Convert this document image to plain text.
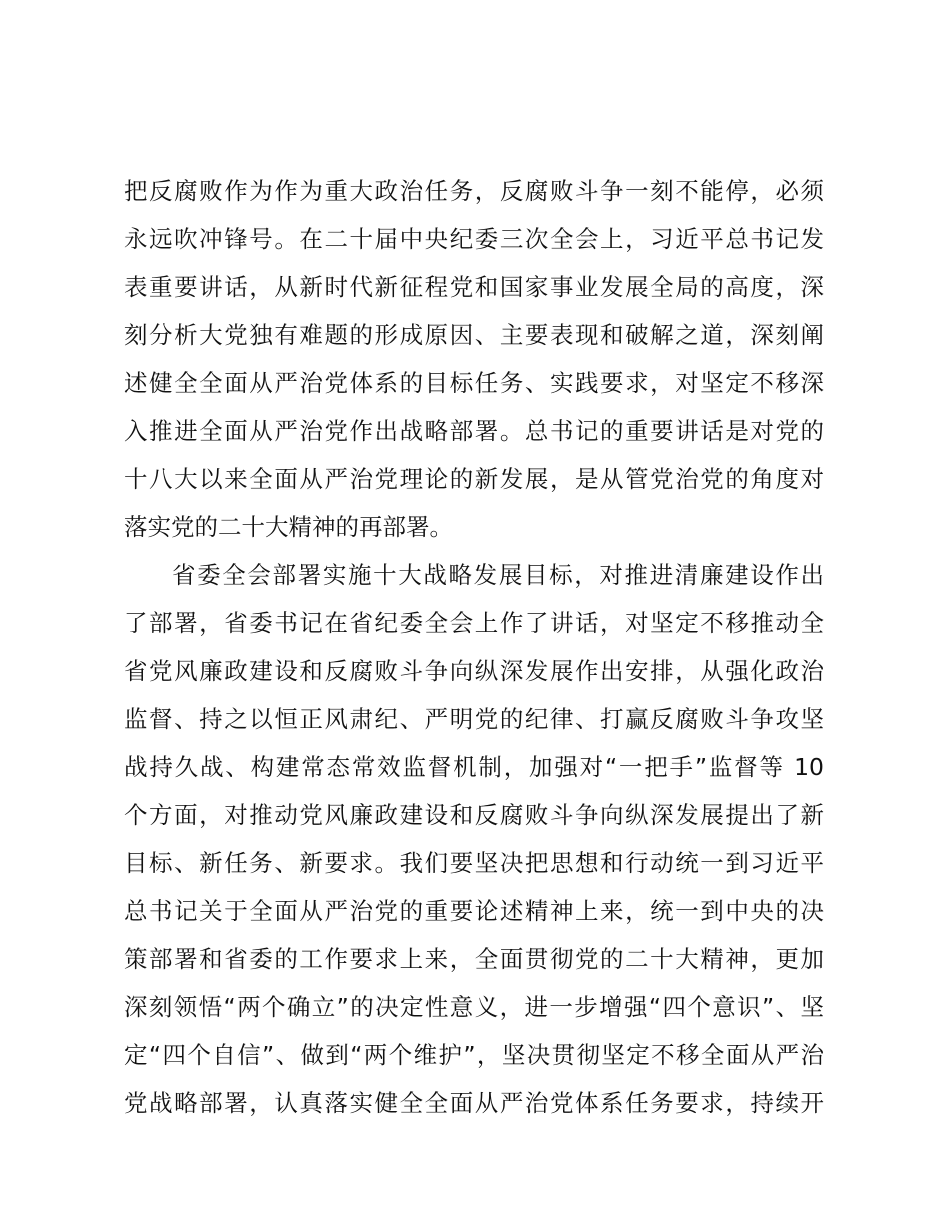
把反腐败作为作为重大政治任务，反腐败斗争一刻不能停，必须
永远吹冲锋号。在二十届中央纪委三次全会上，习近平总书记发
表重要讲话，从新时代新征程党和国家事业发展全局的高度，深
刻分析大党独有难题的形成原因、主要表现和破解之道，深刻阐
述健全全面从严治党体系的目标任务、实践要求，对坚定不移深
入推进全面从严治党作出战略部署。总书记的重要讲话是对党的
十八大以来全面从严治党理论的新发展，是从管党治党的角度对
落实党的二十大精神的再部署。
省委全会部署实施十大战略发展目标，对推进清廉建设作出
了部署，省委书记在省纪委全会上作了讲话，对坚定不移推动全
省党风廉政建设和反腐败斗争向纵深发展作出安排，从强化政治
监督、持之以恒正风肃纪、严明党的纪律、打赢反腐败斗争攻坚
战持久战、构建常态常效监督机制，加强对“一把手”监督等 10
个方面，对推动党风廉政建设和反腐败斗争向纵深发展提出了新
目标、新任务、新要求。我们要坚决把思想和行动统一到习近平
总书记关于全面从严治党的重要论述精神上来，统一到中央的决
策部署和省委的工作要求上来，全面贯彻党的二十大精神，更加
深刻领悟“两个确立”的决定性意义，进一步增强“四个意识”、坚
定“四个自信”、做到“两个维护”，坚决贯彻坚定不移全面从严治
党战略部署，认真落实健全全面从严治党体系任务要求，持续开
